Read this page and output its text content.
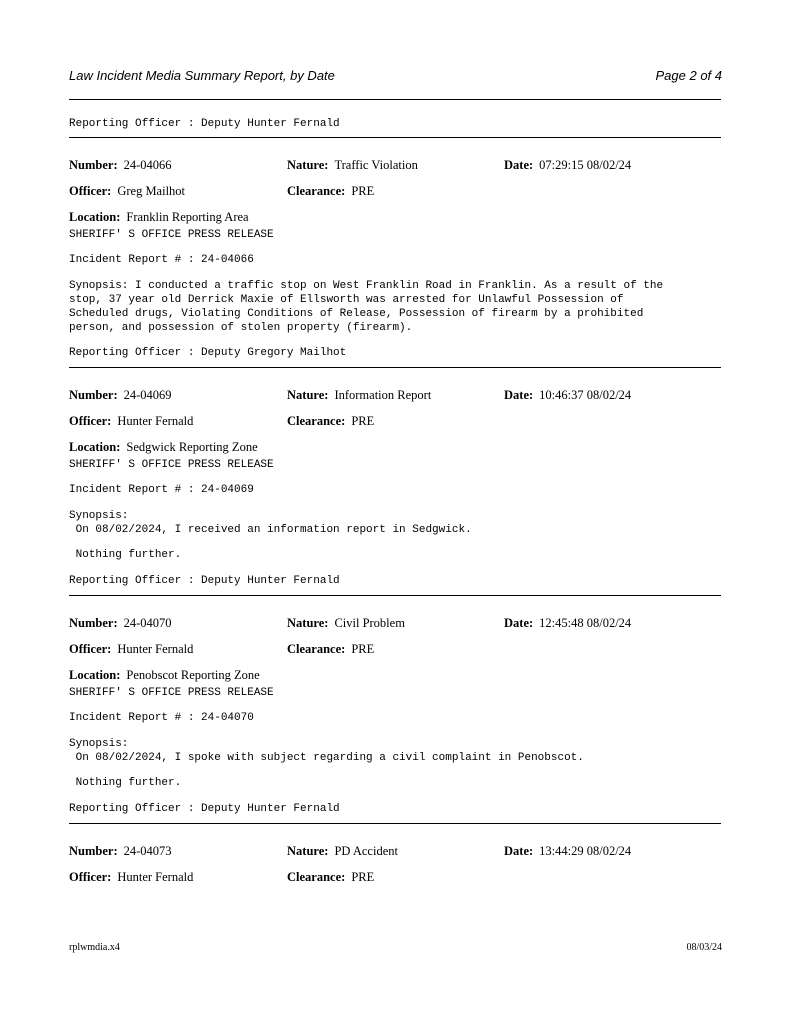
Law Incident Media Summary Report, by Date	Page 2 of 4
Reporting Officer : Deputy Hunter Fernald
Number: 24-04066	Nature: Traffic Violation	Date: 07:29:15 08/02/24
Officer: Greg Mailhot	Clearance: PRE
Location: Franklin Reporting Area
SHERIFF' S OFFICE PRESS RELEASE
Incident Report # : 24-04066
Synopsis: I conducted a traffic stop on West Franklin Road in Franklin. As a result of the
stop, 37 year old Derrick Maxie of Ellsworth was arrested for Unlawful Possession of
Scheduled drugs, Violating Conditions of Release, Possession of firearm by a prohibited
person, and possession of stolen property (firearm).
Reporting Officer : Deputy Gregory Mailhot
Number: 24-04069	Nature: Information Report	Date: 10:46:37 08/02/24
Officer: Hunter Fernald	Clearance: PRE
Location: Sedgwick Reporting Zone
SHERIFF' S OFFICE PRESS RELEASE
Incident Report # : 24-04069
Synopsis:
On 08/02/2024, I received an information report in Sedgwick.
Nothing further.
Reporting Officer : Deputy Hunter Fernald
Number: 24-04070	Nature: Civil Problem	Date: 12:45:48 08/02/24
Officer: Hunter Fernald	Clearance: PRE
Location: Penobscot Reporting Zone
SHERIFF' S OFFICE PRESS RELEASE
Incident Report # : 24-04070
Synopsis:
On 08/02/2024, I spoke with subject regarding a civil complaint in Penobscot.
Nothing further.
Reporting Officer : Deputy Hunter Fernald
Number: 24-04073	Nature: PD Accident	Date: 13:44:29 08/02/24
Officer: Hunter Fernald	Clearance: PRE
rplwmdia.x4	08/03/24
